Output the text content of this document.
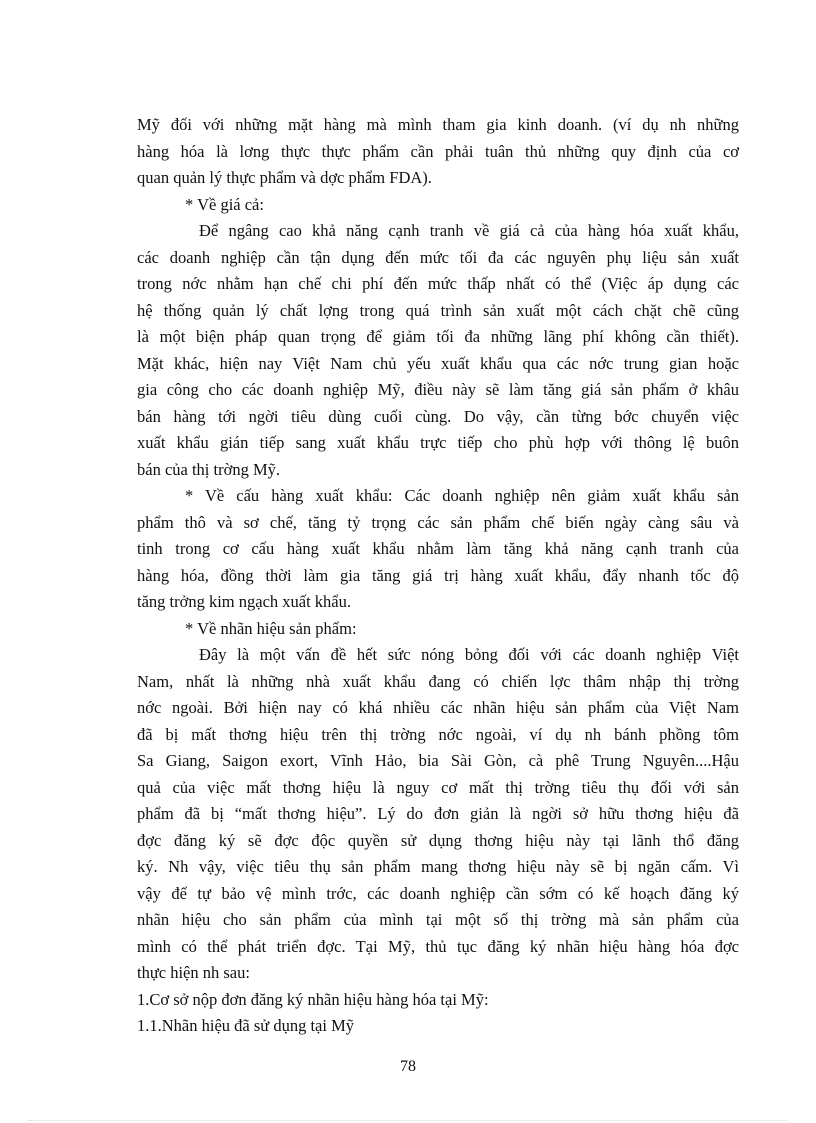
Mỹ đối với những mặt hàng mà mình tham gia kinh doanh. (ví dụ nh những
hàng hóa là lơng thực thực phẩm cần phải tuân thủ những quy định của cơ
quan quản lý thực phẩm và dợc phẩm FDA).
* Về giá cả:
Để ngâng cao khả năng cạnh tranh về giá cả của hàng hóa xuất khẩu,
các doanh nghiệp cần tận dụng đến mức tối đa các nguyên phụ liệu sản xuất
trong nớc nhằm hạn chế chi phí đến mức thấp nhất có thể (Việc áp dụng các
hệ thống quản lý chất lợng trong quá trình sản xuất một cách chặt chẽ cũng
là một biện pháp quan trọng để giảm tối đa những lãng phí không cần thiết).
Mặt khác, hiện nay Việt Nam chủ yếu xuất khẩu qua các nớc trung gian hoặc
gia công cho các doanh nghiệp Mỹ, điều này sẽ làm tăng giá sản phẩm ở khâu
bán hàng tới ngời tiêu dùng cuối cùng. Do vậy, cần từng bớc chuyển việc
xuất khẩu gián tiếp sang xuất khẩu trực tiếp cho phù hợp với thông lệ buôn
bán của thị trờng Mỹ.
* Về cấu hàng xuất khẩu: Các doanh nghiệp nên giảm xuất khẩu sản
phẩm thô và sơ chế, tăng tỷ trọng các sản phẩm chế biến ngày càng sâu và
tinh trong cơ cấu hàng xuất khẩu nhằm làm tăng khả năng cạnh tranh của
hàng hóa, đồng thời làm gia tăng giá trị hàng xuất khẩu, đẩy nhanh tốc độ
tăng trởng kim ngạch xuất khẩu.
* Về nhãn hiệu sản phẩm:
Đây là một vấn đề hết sức nóng bỏng đối với các doanh nghiệp Việt
Nam, nhất là những nhà xuất khẩu đang có chiến lợc thâm nhập thị trờng
nớc ngoài. Bởi hiện nay có khá nhiều các nhãn hiệu sản phẩm của Việt Nam
đã bị mất thơng hiệu trên thị trờng nớc ngoài, ví dụ nh bánh phồng tôm
Sa Giang, Saigon exort, Vĩnh Hảo, bia Sài Gòn, cà phê Trung Nguyên....Hậu
quả của việc mất thơng hiệu là nguy cơ mất thị trờng tiêu thụ đối với sản
phẩm đã bị “mất thơng hiệu”. Lý do đơn giản là ngời sở hữu thơng hiệu đã
đợc đăng ký sẽ đợc độc quyền sử dụng thơng hiệu này tại lãnh thổ đăng
ký. Nh vậy, việc tiêu thụ sản phẩm mang thơng hiệu này sẽ bị ngăn cấm. Vì
vậy để tự bảo vệ mình trớc, các doanh nghiệp cần sớm có kế hoạch đăng ký
nhãn hiệu cho sản phẩm của mình tại một số thị trờng mà sản phẩm của
mình có thể phát triển đợc. Tại Mỹ, thủ tục đăng ký nhãn hiệu hàng hóa đợc
thực hiện nh sau:
1.Cơ sở nộp đơn đăng ký nhãn hiệu hàng hóa tại Mỹ:
1.1.Nhãn hiệu đã sử dụng tại Mỹ
78
